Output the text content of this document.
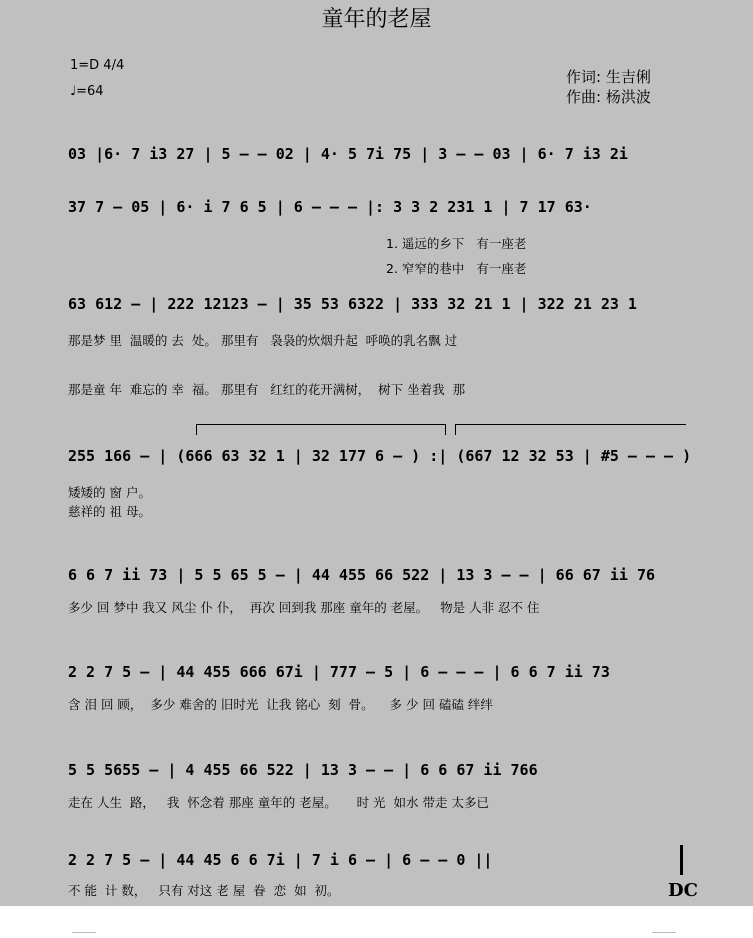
童年的老屋
1=D 4/4
♩=64
作词: 生吉俐
作曲: 杨洪波
03 |6· 7 i3 27 | 5 — — 02 | 4· 5 7i 75 | 3 — — 03 | 6· 7 i3 2i
37 7 — 05 | 6· i 7 6 5 | 6 — — — |: 3 3 2 231 1 | 7 17 63·
1. 遥远的乡下   有一座老
2. 窄窄的巷中   有一座老
63 612 — | 222 12123 — | 35 53 6322 | 333 32 21 1 | 322 21 23 1
那是梦 里  温暖的 去  处。 那里有   袅袅的炊烟升起  呼唤的乳名飘 过
那是童 年  难忘的 幸  福。 那里有   红红的花开满树，  树下 坐着我  那
255 166 — | (666 63 32 1 | 32 177 6 — ) :| (667 12 32 53 | #5 — — — )
矮矮的 窗 户。
慈祥的 祖 母。
6 6 7 ii 73 | 5 5 65 5 — | 44 455 66 522 | 13 3 — — | 66 67 ii 76
多少 回 梦中 我又 风尘 仆 仆，  再次 回到我 那座 童年的 老屋。   物是 人非 忍不 住
2 2 7 5 — | 44 455 666 67i | 777 — 5 | 6 — — — | 6 6 7 ii 73
含 泪 回 顾，  多少 难舍的 旧时光  让我 铭心  刻  骨。    多 少 回 磕磕 绊绊
5 5 5655 — | 4 455 66 522 | 13 3 — — | 6 6 67 ii 766
走在 人生  路，   我  怀念着 那座 童年的 老屋。     时 光  如水 带走 太多已
2 2 7 5 — | 44 45 6 6 7i | 7 i 6 — | 6 — — 0 ||
不 能  计 数，   只有 对这 老 屋  眷  恋  如  初。	DC
